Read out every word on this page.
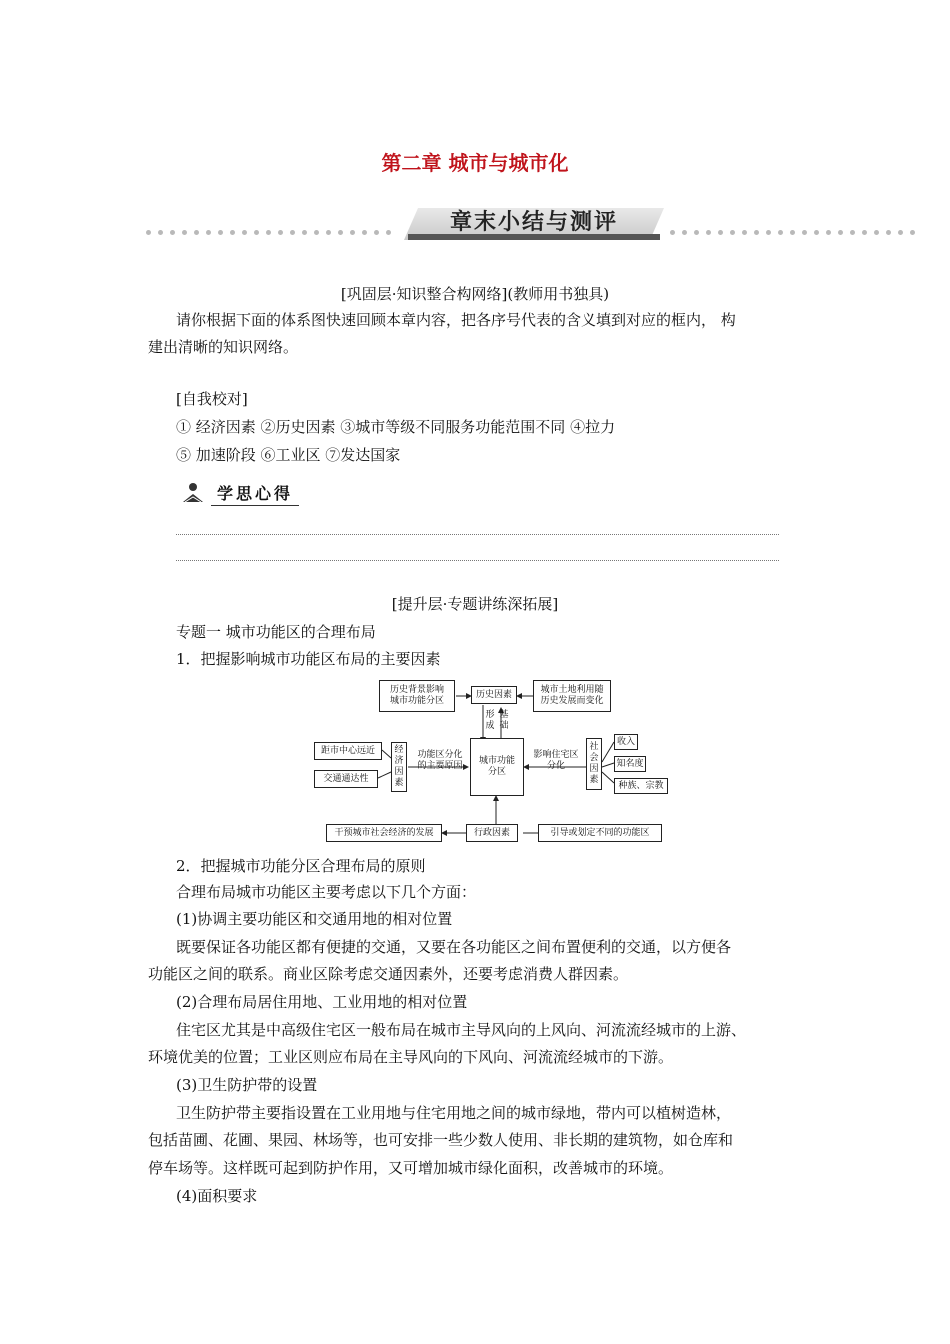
第二章 城市与城市化
章末小结与测评
[巩固层·知识整合构网络](教师用书独具)
请你根据下面的体系图快速回顾本章内容，把各序号代表的含义填到对应的框内， 构
建出清晰的知识网络。
[自我校对]
① 经济因素 ②历史因素 ③城市等级不同服务功能范围不同 ④拉力
⑤ 加速阶段 ⑥工业区 ⑦发达国家
学思心得
[提升层·专题讲练深拓展]
专题一 城市功能区的合理布局
1．把握影响城市功能区布局的主要因素
历史背景影响
城市功能分区
历史因素	城市土地利用随
历史发展而变化
形
成
基
础
距市中心远近
交通通达性
经
济
因
素
功能区分化
的主要原因	城市功能
分区
影响住宅区
分化
社
会
因
素
收入
知名度
种族、宗教
干预城市社会经济的发展	行政因素	引导或划定不同的功能区
2．把握城市功能分区合理布局的原则
合理布局城市功能区主要考虑以下几个方面：
(1)协调主要功能区和交通用地的相对位置
既要保证各功能区都有便捷的交通，又要在各功能区之间布置便利的交通，以方便各
功能区之间的联系。商业区除考虑交通因素外，还要考虑消费人群因素。
(2)合理布局居住用地、工业用地的相对位置
住宅区尤其是中高级住宅区一般布局在城市主导风向的上风向、河流流经城市的上游、
环境优美的位置；工业区则应布局在主导风向的下风向、河流流经城市的下游。
(3)卫生防护带的设置
卫生防护带主要指设置在工业用地与住宅用地之间的城市绿地，带内可以植树造林，
包括苗圃、花圃、果园、林场等，也可安排一些少数人使用、非长期的建筑物，如仓库和
停车场等。这样既可起到防护作用，又可增加城市绿化面积，改善城市的环境。
(4)面积要求
